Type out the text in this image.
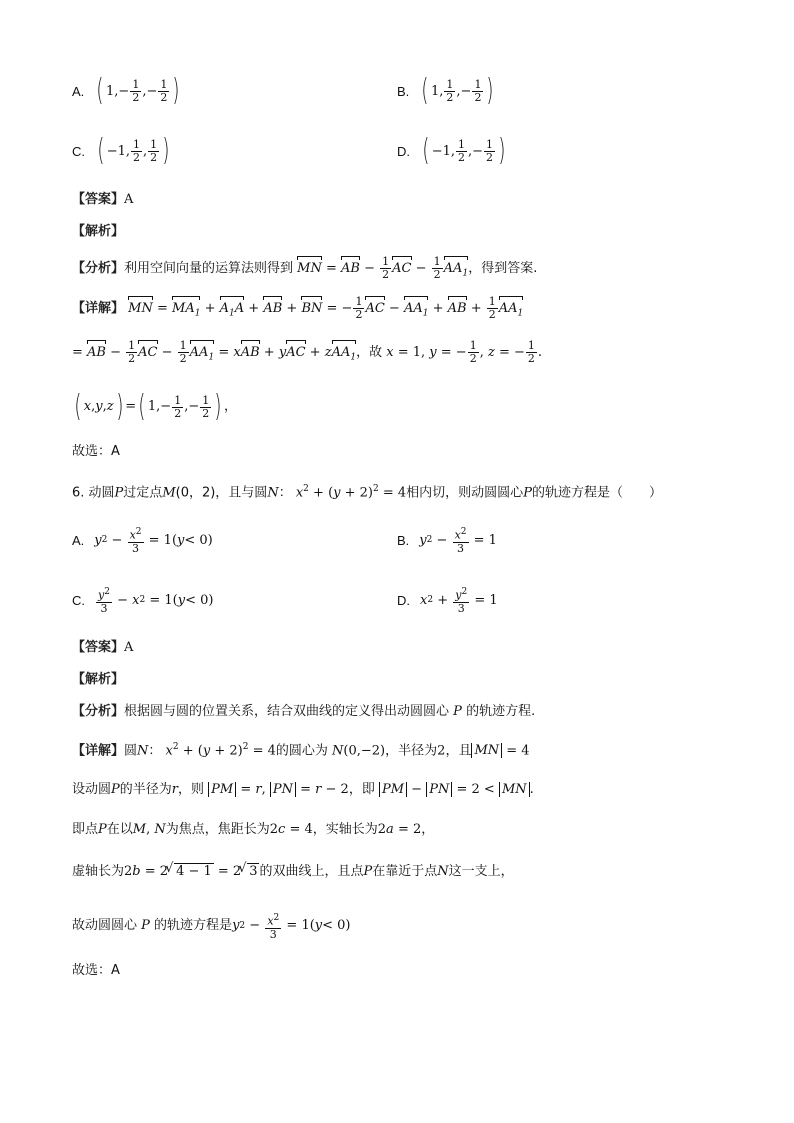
A. ( $1,- \frac{1}{2}$ ,− $\frac{1}{2}$ )	B. ( 1, $\frac{1}{2}$ ,− $\frac{1}{2}$ )
C. ( −1, $\frac{1}{2}$ , $\frac{1}{2}$ )	D. ( −1, $\frac{1}{2}$ ,− $\frac{1}{2}$ )
【答案】A
【解析】
【分析】利用空间向量的运算法则得到 MN = AB − $\frac{1}{2}$ AC − $\frac{1}{2} AA_1$，得到答案.
【详解】 MN = $MA_1 + A_1A$ + AB + BN = − $\frac{1}{2}$ AC − $AA_1$ + AB + $\frac{1}{2} AA_1$
= AB − $\frac{1}{2}$ AC − $\frac{1}{2} AA_1$ = xAB + yAC + zAA$_1$，故 x = 1, y = − $\frac{1}{2}$ , z = − $\frac{1}{2}$ .
( x , y , z ) = ( $1,- \frac{1}{2}$ ,− $\frac{1}{2}$ ) ，
故选：A
6. 动圆P过定点M(0，2)，且与圆N： $x^2 + (y + 2)^2 = 4$相内切，则动圆圆心P的轨迹方程是（　　）
A. y $2 - \frac{x^2}{3} = 1$( y < 0)	B. y $2 - \frac{x^2}{3} = 1$
C. $\frac{y^2}{3} - x$ 2 = 1( y < 0)	D. x $2 + \frac{y^2}{3} = 1$
【答案】A
【解析】
【分析】根据圆与圆的位置关系，结合双曲线的定义得出动圆圆心 P 的轨迹方程.
【详解】圆N： $x^2 + (y + 2)^2 = 4$的圆心为 N(0,−2)，半径为2，且 MN = 4
设动圆P的半径为r，则 PM = r, PN = r − 2，即 PM − PN = 2 < MN .
即点P在以M, N为焦点，焦距长为2c = 4，实轴长为2a = 2，
虚轴长为2b = 2 √ 4 − 1 = 2 √ 3 的双曲线上，且点P在靠近于点N这一支上，
故动圆圆心
P
的轨迹方程是 y $2 - \frac{x^2}{3} = 1$( y < 0)
故选：A
